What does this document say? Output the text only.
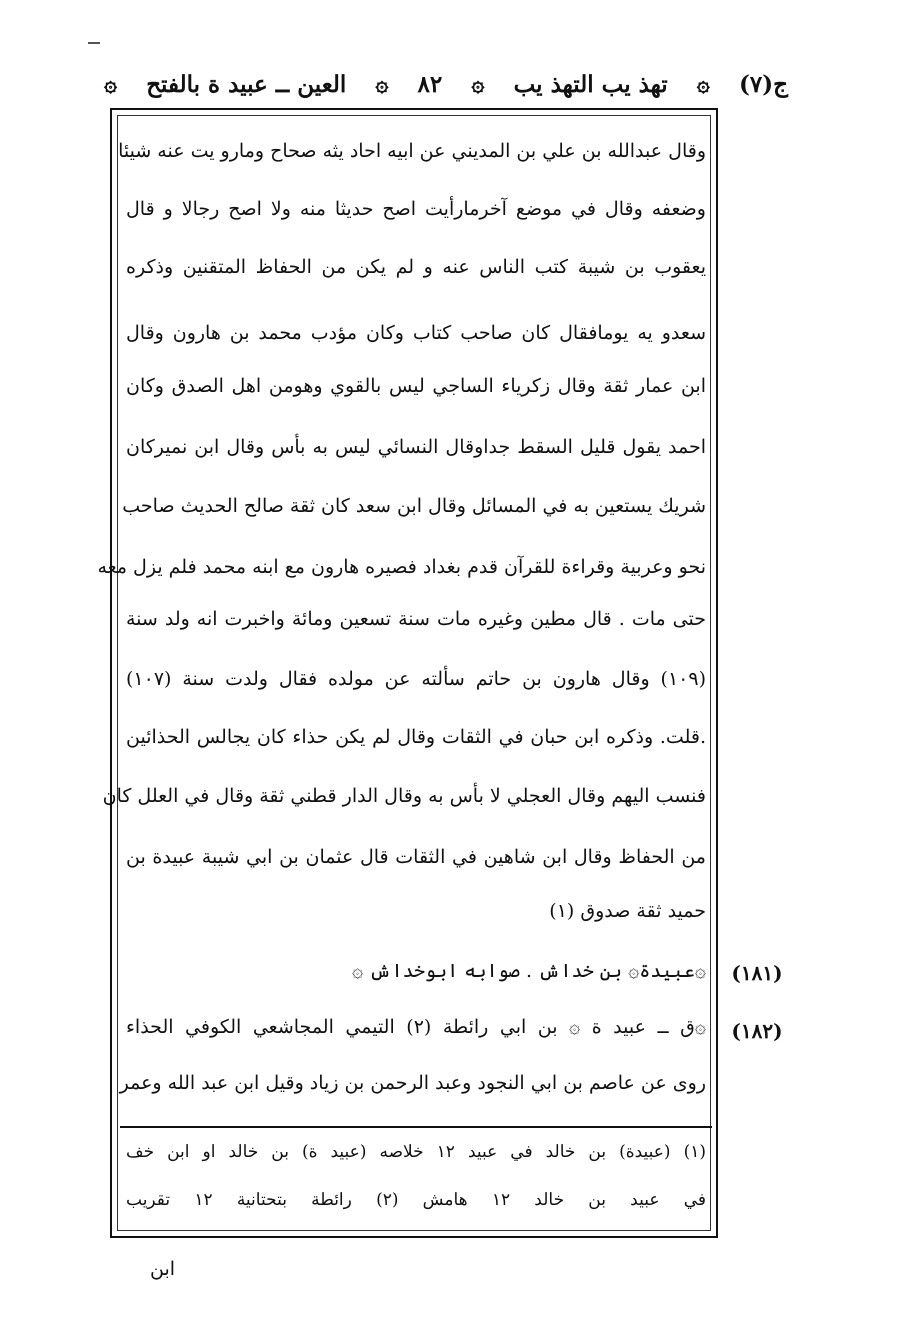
ج(٧)
۞
تهذ يب التهذ يب
۞
٨٢
۞
العين ــ عبيد ة بالفتح
۞
وقال عبدالله بن علي بن المديني عن ابيه احاد يثه صحاح ومارو يت عنه شيئا
وضعفه وقال في موضع آخرمارأيت اصح حديثا منه ولا اصح رجالا و قال
يعقوب بن شيبة كتب الناس عنه و لم يكن من الحفاظ المتقنين وذكره
سعدو يه يومافقال كان صاحب كتاب وكان مؤدب محمد بن هارون وقال
ابن عمار ثقة وقال زكرياء الساجي ليس بالقوي وهومن اهل الصدق وكان
احمد يقول قليل السقط جداوقال النسائي ليس به بأس وقال ابن نميركان
شريك يستعين به في المسائل وقال ابن سعد كان ثقة صالح الحديث صاحب
نحو وعربية وقراءة للقرآن قدم بغداد فصيره هارون مع ابنه محمد فلم يزل معه
حتى مات . قال مطين وغيره مات سنة تسعين ومائة واخبرت انه ولد سنة
(١٠٩) وقال هارون بن حاتم سألته عن مولده فقال ولدت سنة (١٠٧)
.قلت. وذكره ابن حبان في الثقات وقال لم يكن حذاء كان يجالس الحذائين
فنسب اليهم وقال العجلي لا بأس به وقال الدار قطني ثقة وقال في العلل كان
من الحفاظ وقال ابن شاهين في الثقات قال عثمان بن ابي شيبة عبيدة بن
حميد ثقة صدوق (١)
(١٨١)
۞عبيدة۞ بن خداش . صوابه ابوخداش ۞
(١٨٢)
۞ق ــ عبيد ة ۞ بن ابي رائطة (٢) التيمي المجاشعي الكوفي الحذاء
روى عن عاصم بن ابي النجود وعبد الرحمن بن زياد وقيل ابن عبد الله وعمر
(١) (عبيدة) بن خالد في عبيد ١٢ خلاصه (عبيد ة) بن خالد او ابن خف
في عبيد بن خالد ١٢ هامش (٢) رائطة بتحتانية ١٢ تقريب
ابن
